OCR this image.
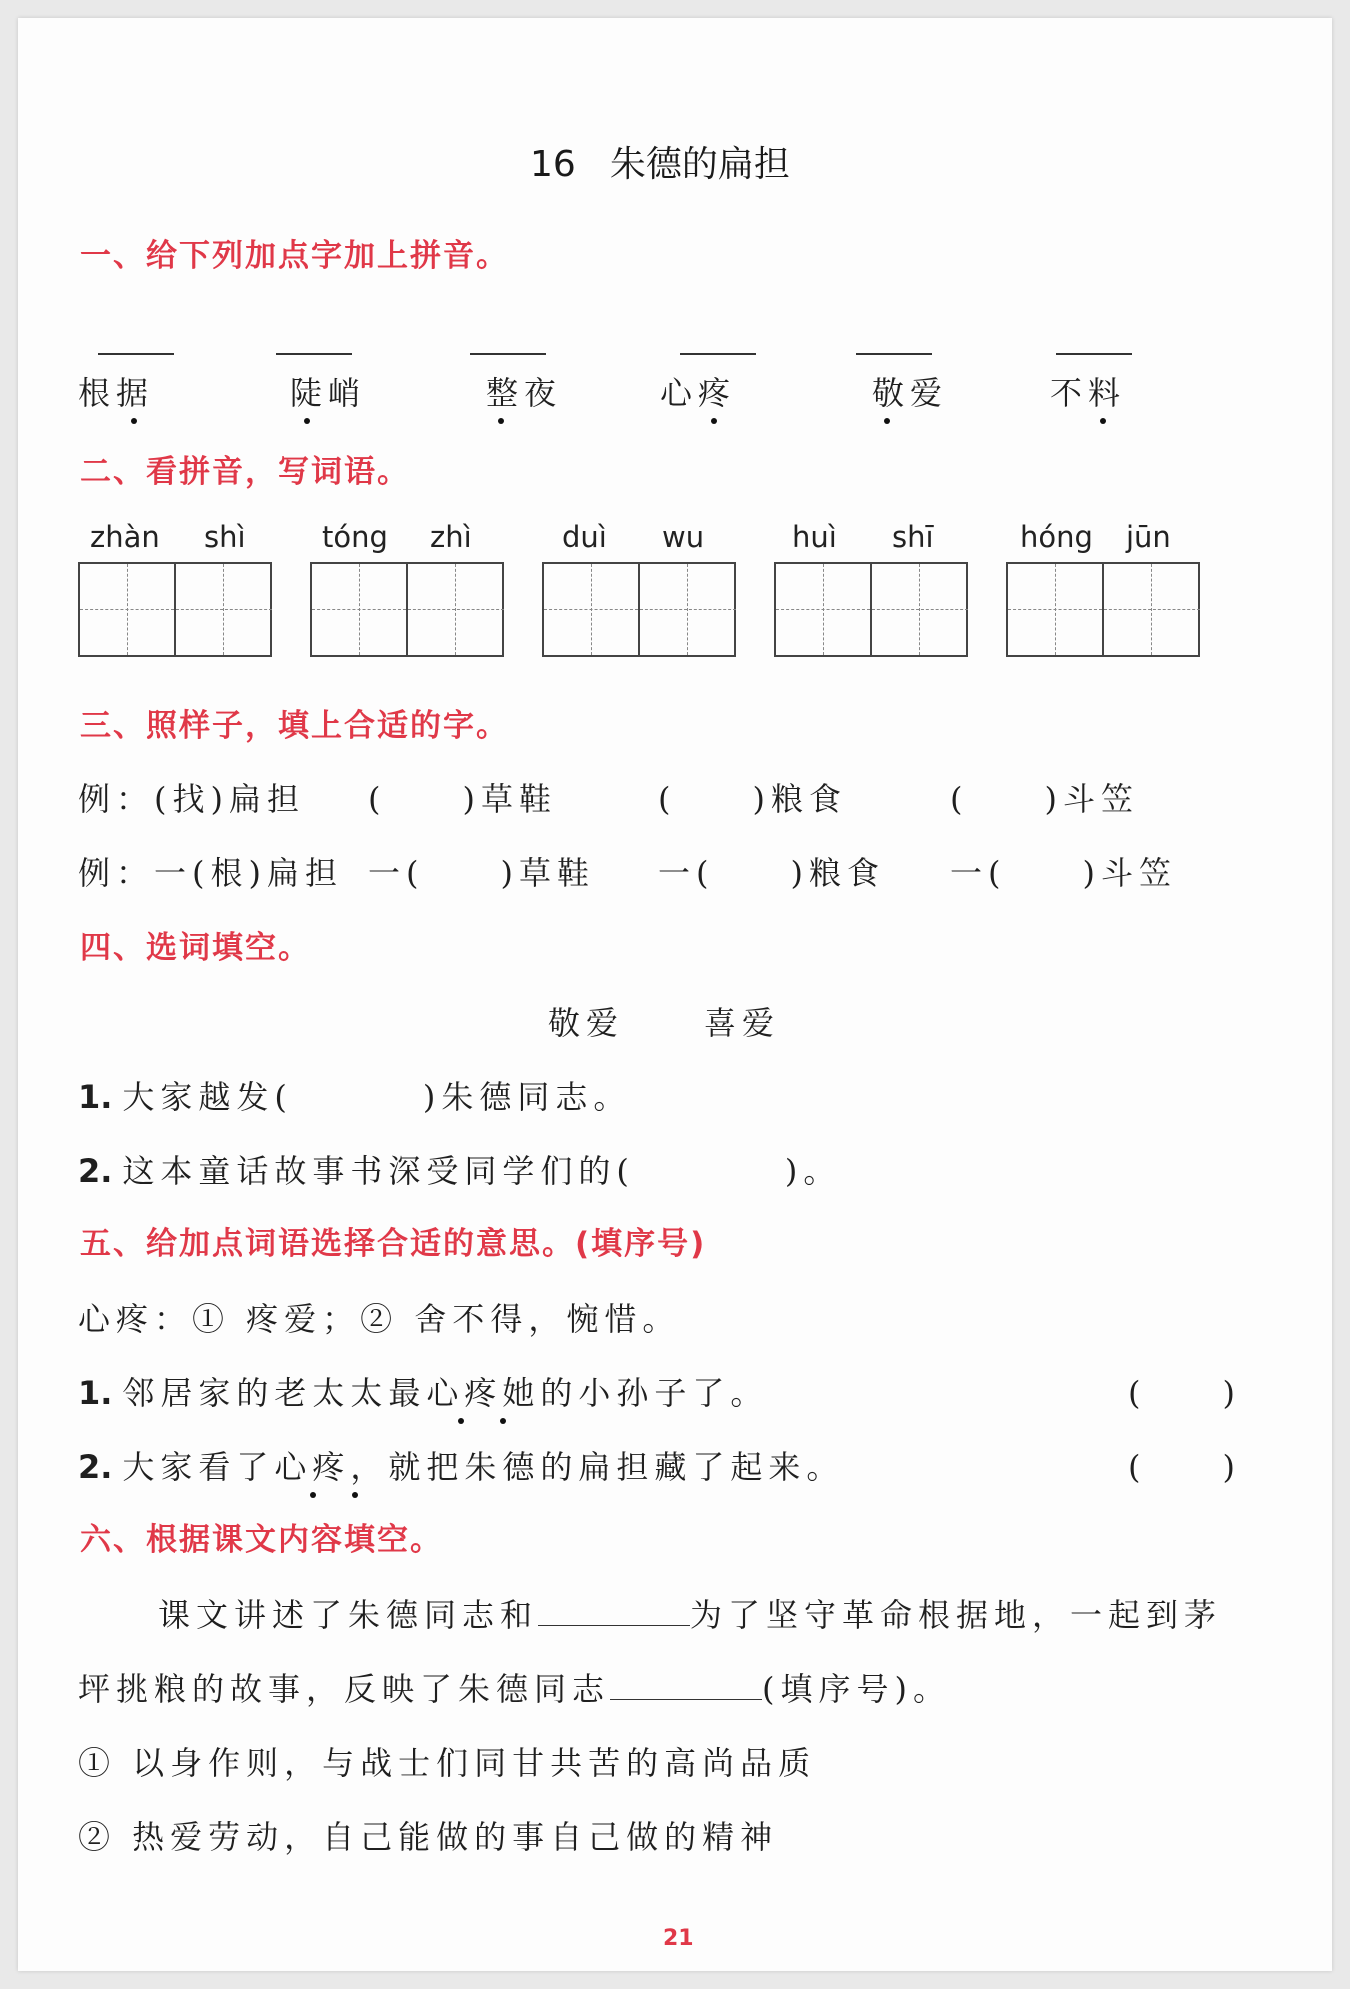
16 朱德的扁担
一、给下列加点字加上拼音。
根据	陡峭	整夜	心疼	敬爱	不料
二、看拼音，写词语。
zhàn shì	tóng zhì	duì wu	huì shī	hóng jūn
三、照样子，填上合适的字。
例：(找)扁担 (　　)草鞋	(　　)粮食	(　　)斗笠
例：一(根)扁担 一(　　)草鞋 一(　　)粮食 一(　　)斗笠
四、选词填空。
敬爱 喜爱
1. 大家越发(	)朱德同志。
2. 这本童话故事书深受同学们的(	)。
五、给加点词语选择合适的意思。(填序号)
心疼：① 疼爱；② 舍不得，惋惜。
1. 邻居家的老太太最心疼她的小孙子了。	(　　)
2. 大家看了心疼，就把朱德的扁担藏了起来。	(　　)
六、根据课文内容填空。
课文讲述了朱德同志和	为了坚守革命根据地，一起到茅
坪挑粮的故事，反映了朱德同志	(填序号)。
① 以身作则，与战士们同甘共苦的高尚品质
② 热爱劳动，自己能做的事自己做的精神
21
